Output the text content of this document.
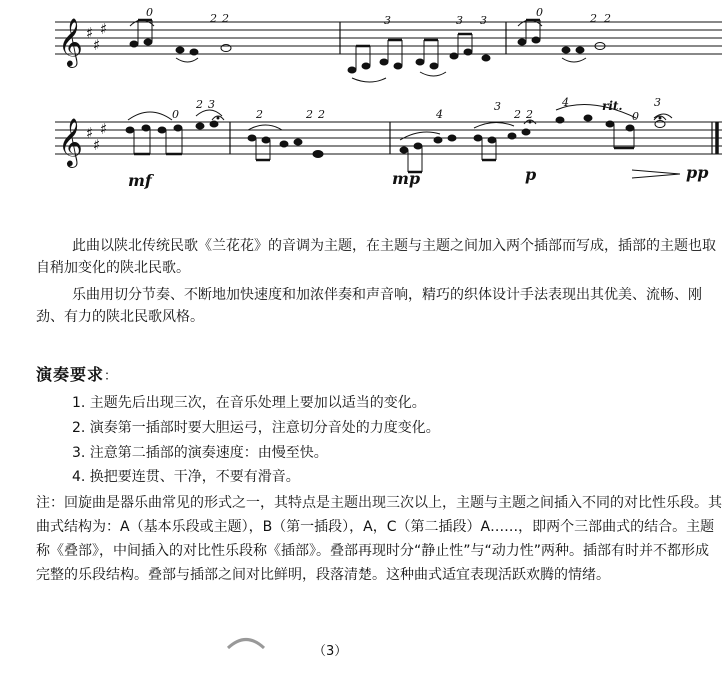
𝄞
𝄞
♯
♯
♯
♯
♯
♯
0	2 2	3	3 3
0	2 2
0
2 3
2	2 2	4
3
2 2
4
0
3
mf	mp	p	pp
rit.

此曲以陕北传统民歌《兰花花》的音调为主题，在主题与主题之间加入两个插部而写成，插部的主题也取自稍加变化的陕北民歌。

乐曲用切分节奏、不断地加快速度和加浓伴奏和声音响，精巧的织体设计手法表现出其优美、流畅、刚劲、有力的陕北民歌风格。

演奏要求：
1. 主题先后出现三次，在音乐处理上要加以适当的变化。
2. 演奏第一插部时要大胆运弓，注意切分音处的力度变化。
3. 注意第二插部的演奏速度：由慢至快。
4. 换把要连贯、干净，不要有滑音。

注：回旋曲是器乐曲常见的形式之一，其特点是主题出现三次以上，主题与主题之间插入不同的对比性乐段。其曲式结构为：A（基本乐段或主题），B（第一插段），A，C（第二插段）A……，即两个三部曲式的结合。主题称《叠部》，中间插入的对比性乐段称《插部》。叠部再现时分“静止性”与“动力性”两种。插部有时并不都形成完整的乐段结构。叠部与插部之间对比鲜明，段落清楚。这种曲式适宜表现活跃欢腾的情绪。

（3）
